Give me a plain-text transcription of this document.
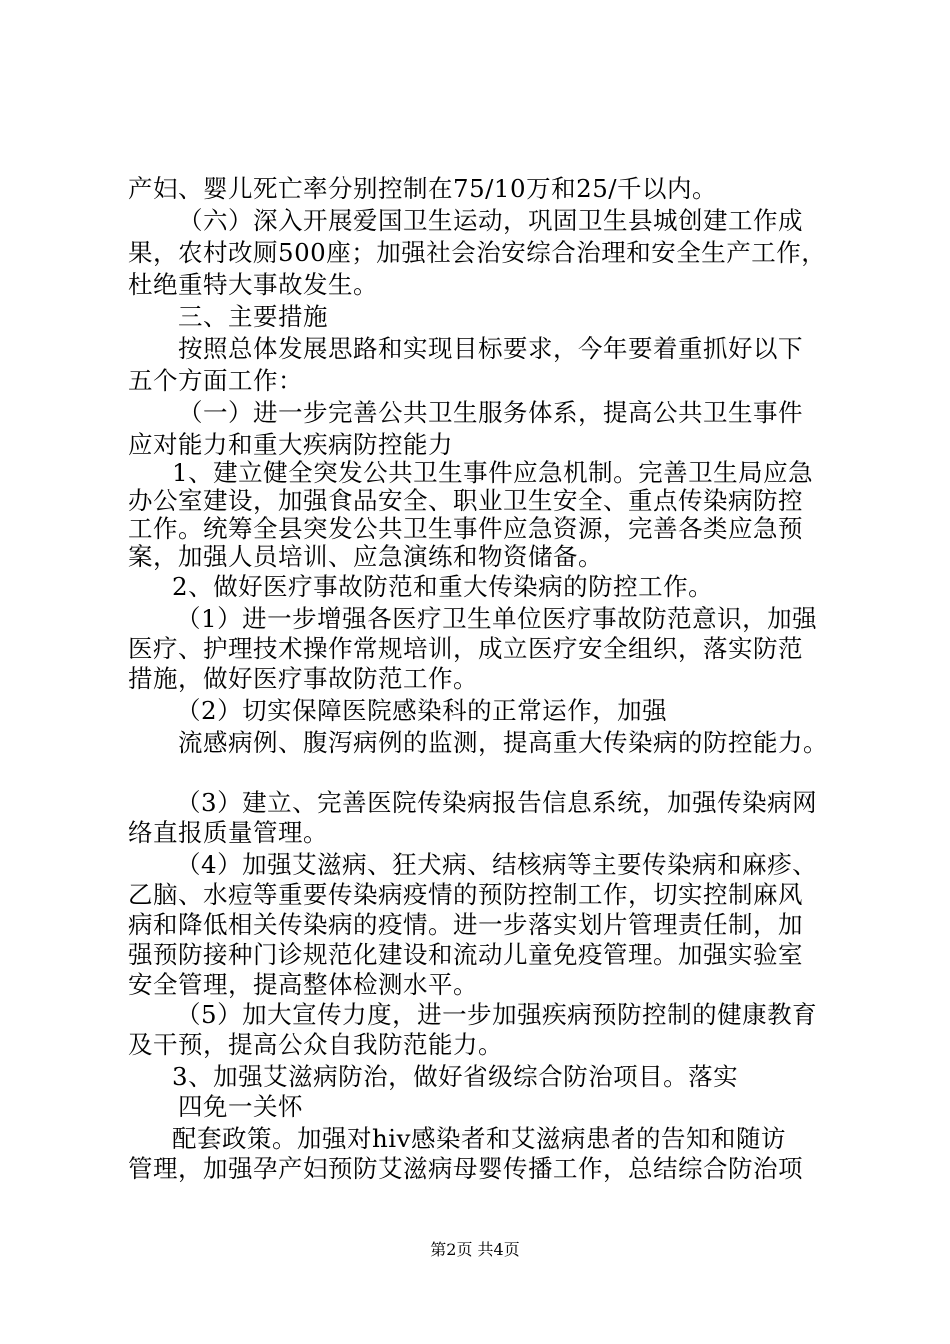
产妇、婴儿死亡率分别控制在75/10万和25/千以内。
（六）深入开展爱国卫生运动，巩固卫生县城创建工作成
果，农村改厕500座；加强社会治安综合治理和安全生产工作，
杜绝重特大事故发生。
三、主要措施
按照总体发展思路和实现目标要求，今年要着重抓好以下
五个方面工作：
（一）进一步完善公共卫生服务体系，提高公共卫生事件
应对能力和重大疾病防控能力
1、建立健全突发公共卫生事件应急机制。完善卫生局应急
办公室建设，加强食品安全、职业卫生安全、重点传染病防控
工作。统筹全县突发公共卫生事件应急资源，完善各类应急预
案，加强人员培训、应急演练和物资储备。
2、做好医疗事故防范和重大传染病的防控工作。
（1）进一步增强各医疗卫生单位医疗事故防范意识，加强
医疗、护理技术操作常规培训，成立医疗安全组织，落实防范
措施，做好医疗事故防范工作。
（2）切实保障医院感染科的正常运作，加强
流感病例、腹泻病例的监测，提高重大传染病的防控能力。
（3）建立、完善医院传染病报告信息系统，加强传染病网
络直报质量管理。
（4）加强艾滋病、狂犬病、结核病等主要传染病和麻疹、
乙脑、水痘等重要传染病疫情的预防控制工作，切实控制麻风
病和降低相关传染病的疫情。进一步落实划片管理责任制，加
强预防接种门诊规范化建设和流动儿童免疫管理。加强实验室
安全管理，提高整体检测水平。
（5）加大宣传力度，进一步加强疾病预防控制的健康教育
及干预，提高公众自我防范能力。
3、加强艾滋病防治，做好省级综合防治项目。落实
四免一关怀
配套政策。加强对hiv感染者和艾滋病患者的告知和随访
管理，加强孕产妇预防艾滋病母婴传播工作，总结综合防治项
第2页 共4页
